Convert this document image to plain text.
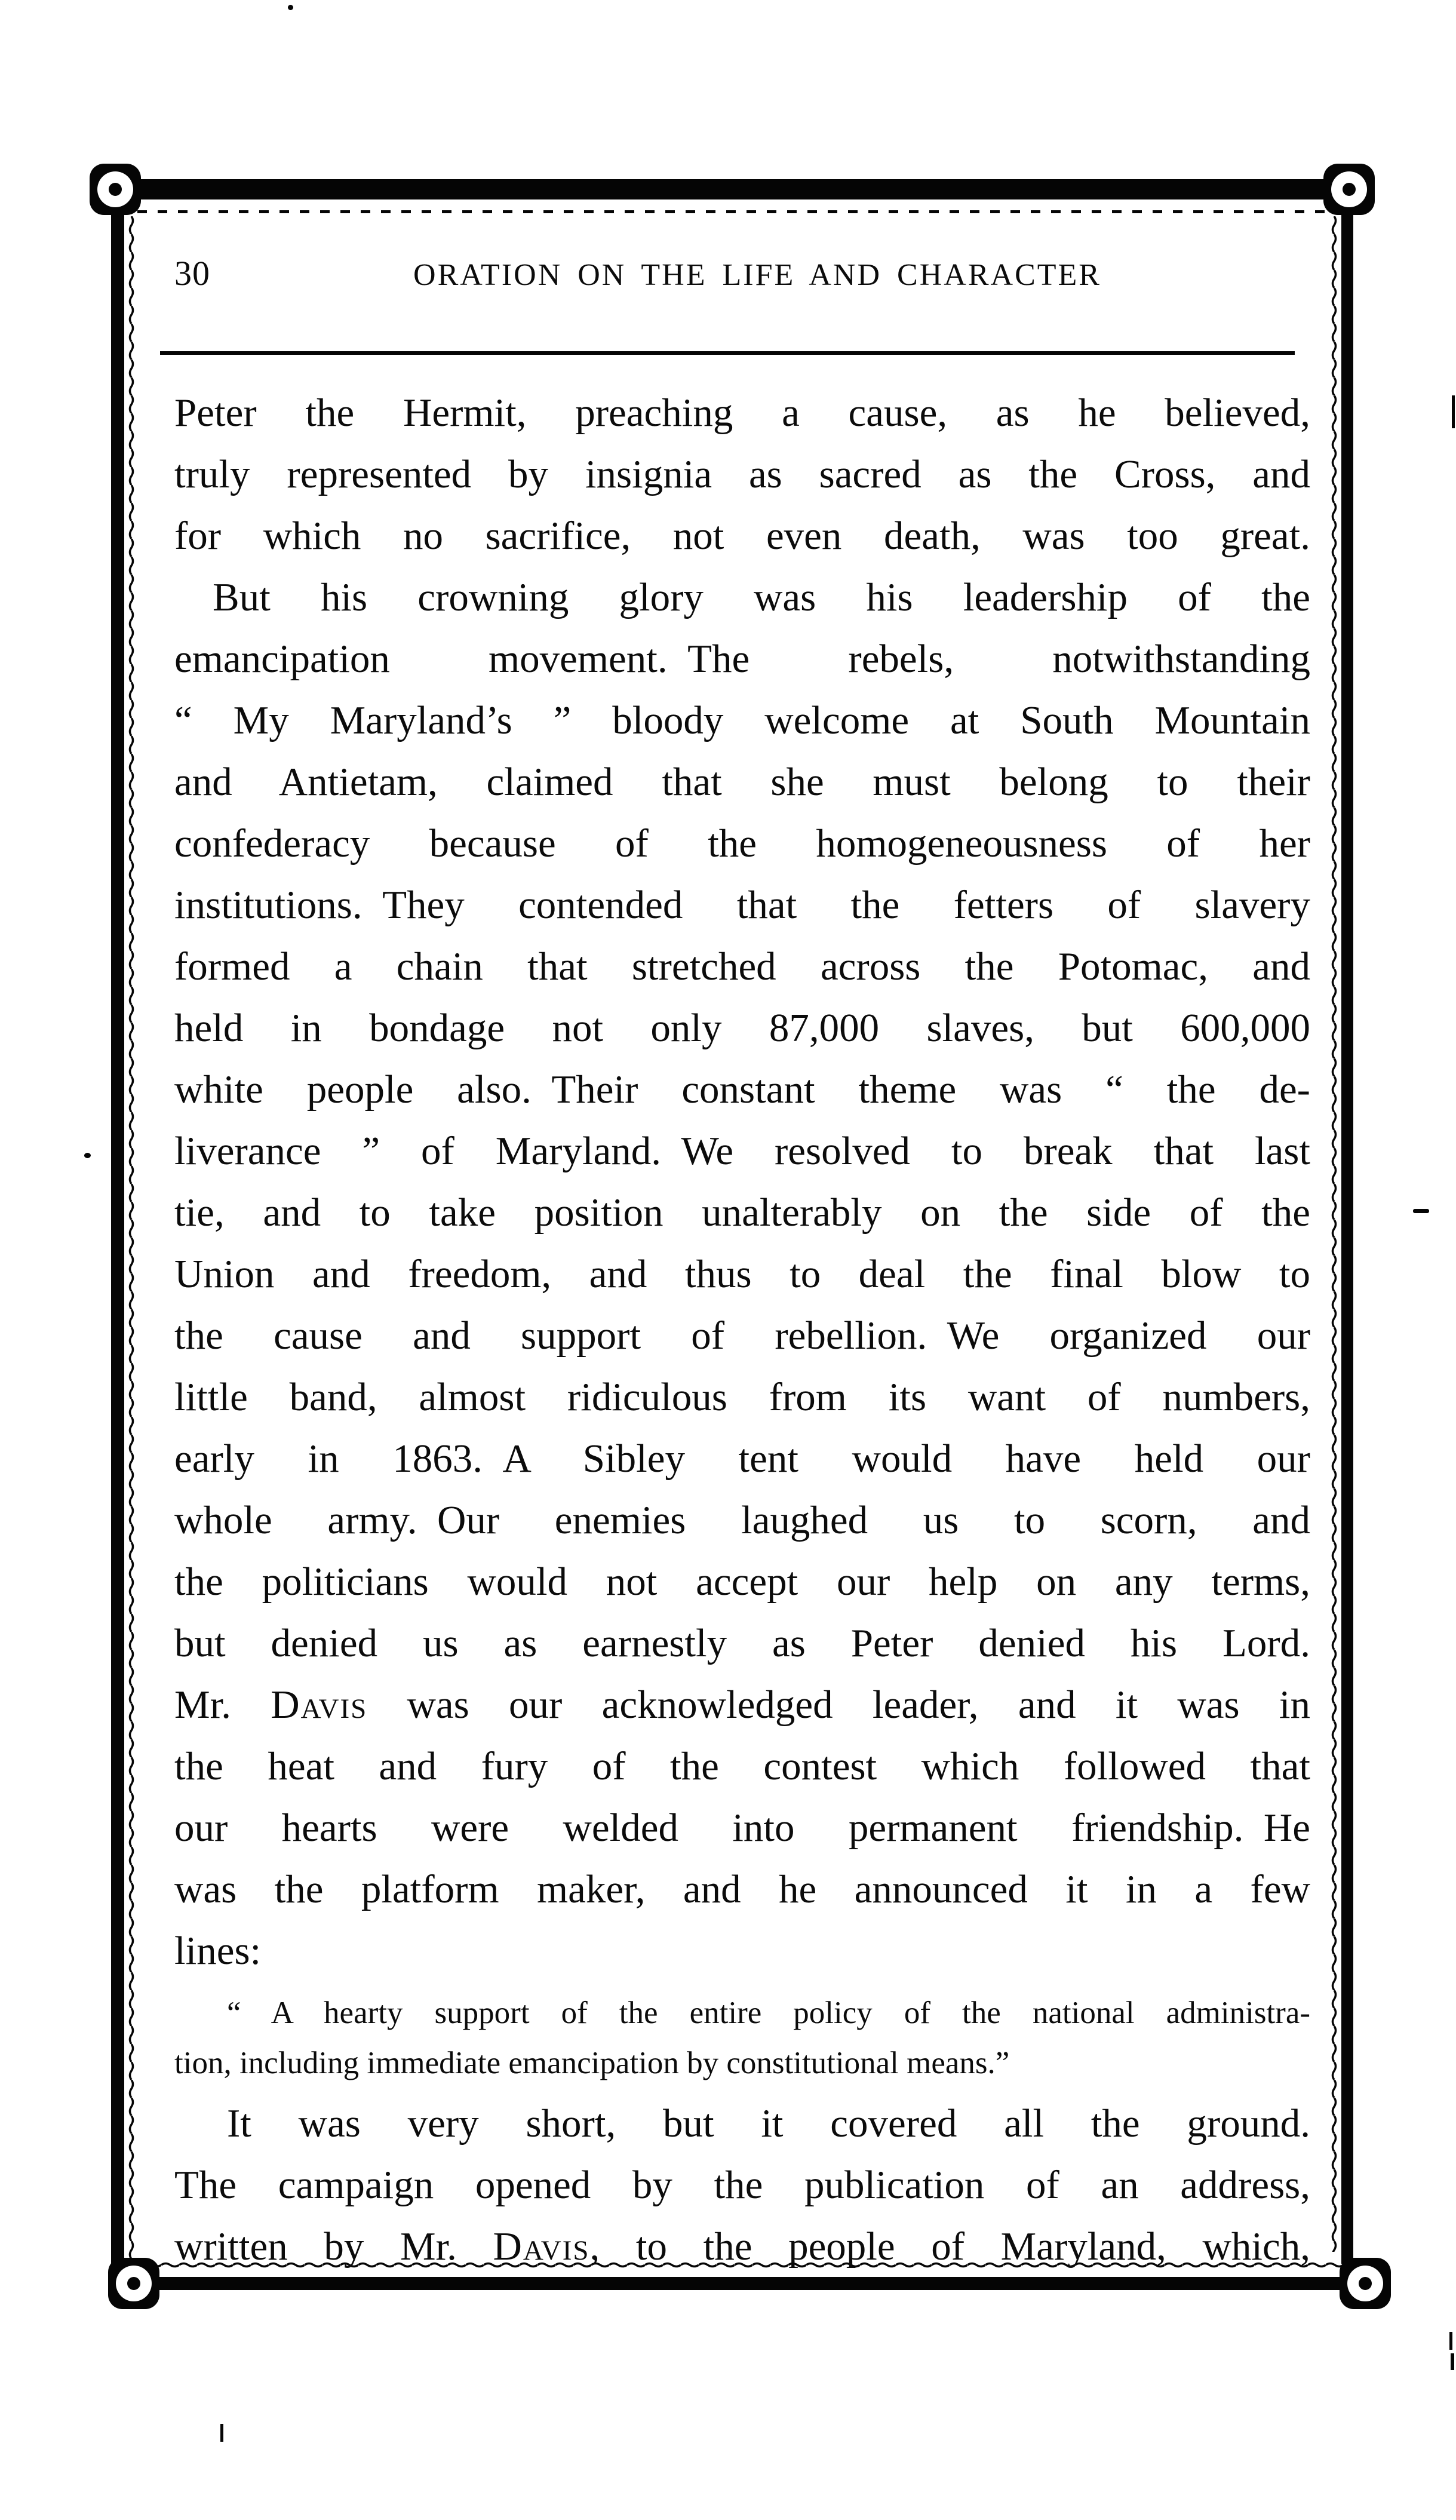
30	ORATION ON THE LIFE AND CHARACTER
Peter the Hermit, preaching a cause, as he believed,
truly represented by insignia as sacred as the Cross, and
for which no sacrifice, not even death, was too great.
But his crowning glory was his leadership of the
emancipation movement. The rebels, notwithstanding
“ My Maryland’s ” bloody welcome at South Mountain
and Antietam, claimed that she must belong to their
confederacy because of the homogeneousness of her
institutions. They contended that the fetters of slavery
formed a chain that stretched across the Potomac, and
held in bondage not only 87,000 slaves, but 600,000
white people also. Their constant theme was “ the de-
liverance ” of Maryland. We resolved to break that last
tie, and to take position unalterably on the side of the
Union and freedom, and thus to deal the final blow to
the cause and support of rebellion. We organized our
little band, almost ridiculous from its want of numbers,
early in 1863. A Sibley tent would have held our
whole army. Our enemies laughed us to scorn, and
the politicians would not accept our help on any terms,
but denied us as earnestly as Peter denied his Lord.
Mr. Davis was our acknowledged leader, and it was in
the heat and fury of the contest which followed that
our hearts were welded into permanent friendship. He
was the platform maker, and he announced it in a few
lines:
“ A hearty support of the entire policy of the national administra-
tion, including immediate emancipation by constitutional means.”
It was very short, but it covered all the ground.
The campaign opened by the publication of an address,
written by Mr. Davis, to the people of Maryland, which,
